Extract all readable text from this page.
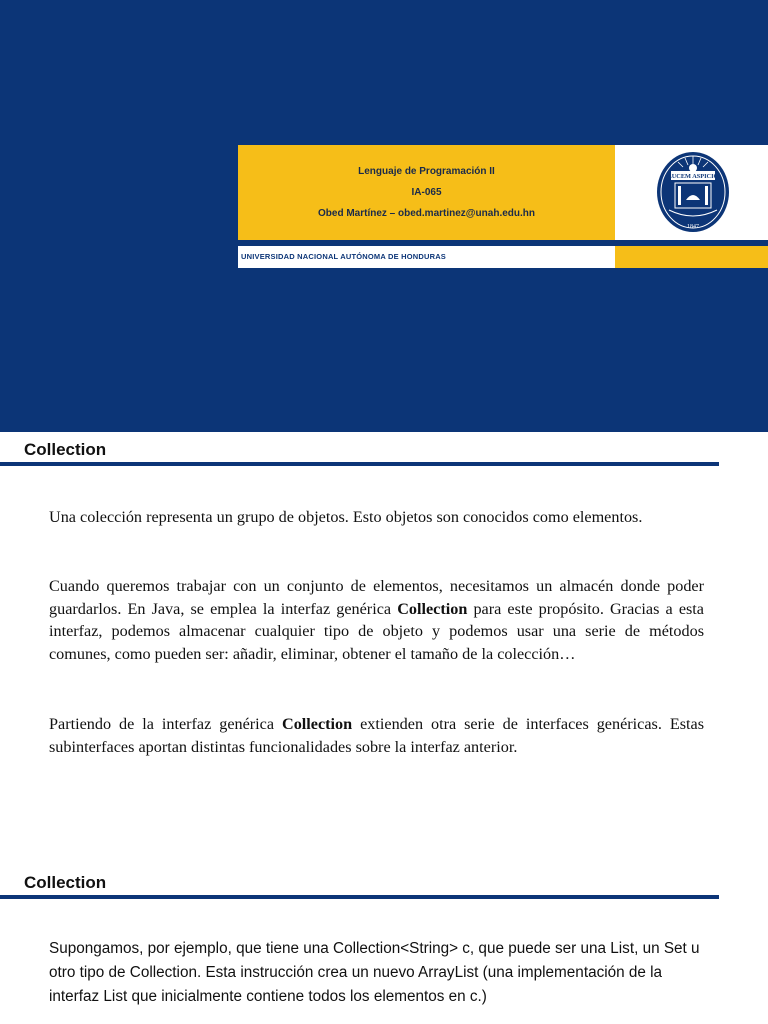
Lenguaje de Programación II
IA-065
Obed Martínez – obed.martinez@unah.edu.hn
LUCEM ASPICIO
1847
UNIVERSIDAD NACIONAL AUTÓNOMA DE HONDURAS
Collection
Una colección representa un grupo de objetos. Esto objetos son conocidos como elementos.
Cuando queremos trabajar con un conjunto de elementos, necesitamos un almacén donde poder guardarlos. En Java, se emplea la interfaz genérica Collection para este propósito. Gracias a esta interfaz, podemos almacenar cualquier tipo de objeto y podemos usar una serie de métodos comunes, como pueden ser: añadir, eliminar, obtener el tamaño de la colección…
Partiendo de la interfaz genérica Collection extienden otra serie de interfaces genéricas. Estas subinterfaces aportan distintas funcionalidades sobre la interfaz anterior.
Collection
Supongamos, por ejemplo, que tiene una Collection<String> c, que puede ser una List, un Set u otro tipo de Collection. Esta instrucción crea un nuevo ArrayList (una implementación de la interfaz List que inicialmente contiene todos los elementos en c.)
